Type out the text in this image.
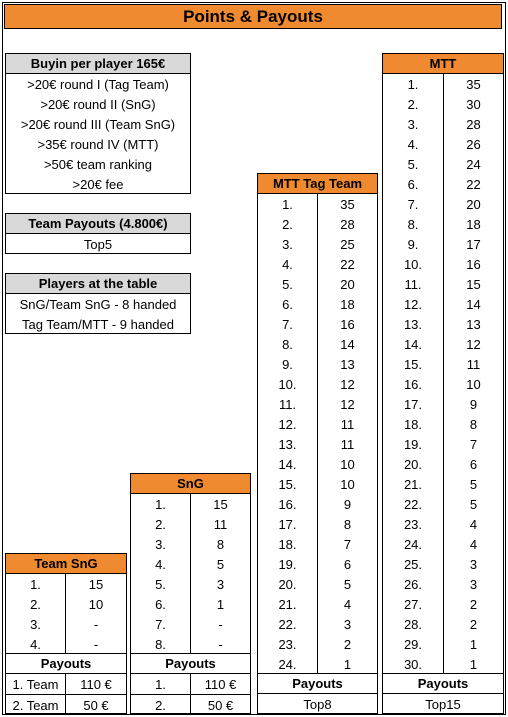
Points & Payouts
Buyin per player 165€
>20€ round I (Tag Team)
>20€ round II (SnG)
>20€ round III (Team SnG)
>35€ round IV (MTT)
>50€ team ranking
>20€ fee
Team Payouts (4.800€)
Top5
Players at the table
SnG/Team SnG - 8 handed
Tag Team/MTT - 9 handed
Team SnG
1.	15
2.	10
3.	-
4.	-
Payouts
1. Team	110 €
2. Team	50 €
SnG
1.	15
2.	11
3.	8
4.	5
5.	3
6.	1
7.	-
8.	-
Payouts
1.	110 €
2.	50 €
MTT Tag Team
1.	35
2.	28
3.	25
4.	22
5.	20
6.	18
7.	16
8.	14
9.	13
10.	12
11.	12
12.	11
13.	11
14.	10
15.	10
16.	9
17.	8
18.	7
19.	6
20.	5
21.	4
22.	3
23.	2
24.	1
Payouts
Top8
MTT
1.	35
2.	30
3.	28
4.	26
5.	24
6.	22
7.	20
8.	18
9.	17
10.	16
11.	15
12.	14
13.	13
14.	12
15.	11
16.	10
17.	9
18.	8
19.	7
20.	6
21.	5
22.	5
23.	4
24.	4
25.	3
26.	3
27.	2
28.	2
29.	1
30.	1
Payouts
Top15
